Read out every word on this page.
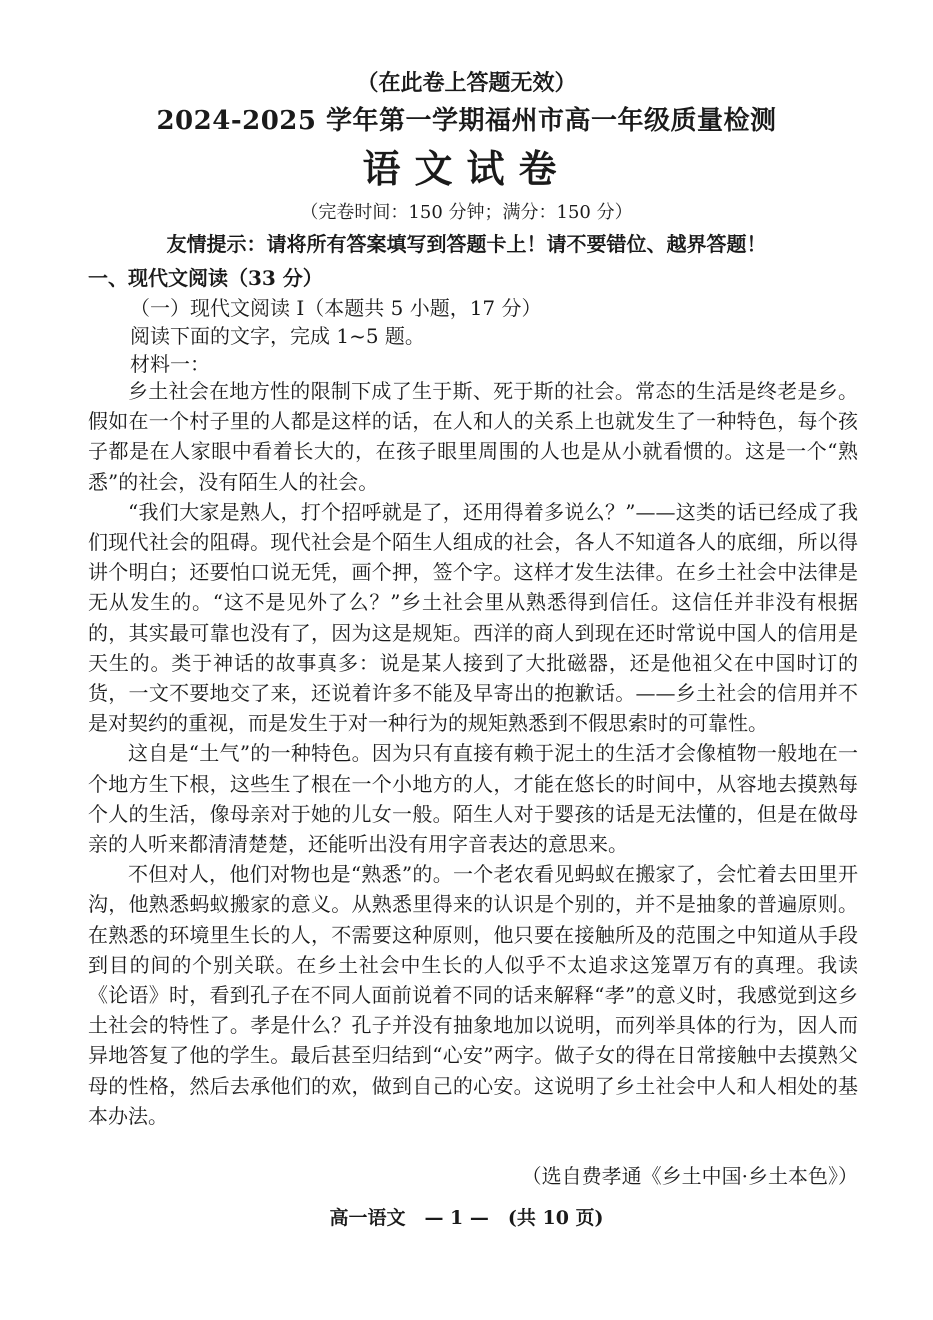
（在此卷上答题无效）
2024-2025 学年第一学期福州市高一年级质量检测
语文试卷
（完卷时间：150 分钟；满分：150 分）
友情提示：请将所有答案填写到答题卡上！请不要错位、越界答题！
一、现代文阅读（33 分）
（一）现代文阅读 I（本题共 5 小题，17 分）
阅读下面的文字，完成 1~5 题。
材料一：

乡土社会在地方性的限制下成了生于斯、死于斯的社会。常态的生活是终老是乡。假如在一个村子里的人都是这样的话，在人和人的关系上也就发生了一种特色，每个孩子都是在人家眼中看着长大的，在孩子眼里周围的人也是从小就看惯的。这是一个“熟悉”的社会，没有陌生人的社会。

“我们大家是熟人，打个招呼就是了，还用得着多说么？”——这类的话已经成了我们现代社会的阻碍。现代社会是个陌生人组成的社会，各人不知道各人的底细，所以得讲个明白；还要怕口说无凭，画个押，签个字。这样才发生法律。在乡土社会中法律是无从发生的。“这不是见外了么？”乡土社会里从熟悉得到信任。这信任并非没有根据的，其实最可靠也没有了，因为这是规矩。西洋的商人到现在还时常说中国人的信用是天生的。类于神话的故事真多：说是某人接到了大批磁器，还是他祖父在中国时订的货，一文不要地交了来，还说着许多不能及早寄出的抱歉话。——乡土社会的信用并不是对契约的重视，而是发生于对一种行为的规矩熟悉到不假思索时的可靠性。

这自是“土气”的一种特色。因为只有直接有赖于泥土的生活才会像植物一般地在一个地方生下根，这些生了根在一个小地方的人，才能在悠长的时间中，从容地去摸熟每个人的生活，像母亲对于她的儿女一般。陌生人对于婴孩的话是无法懂的，但是在做母亲的人听来都清清楚楚，还能听出没有用字音表达的意思来。

不但对人，他们对物也是“熟悉”的。一个老农看见蚂蚁在搬家了，会忙着去田里开沟，他熟悉蚂蚁搬家的意义。从熟悉里得来的认识是个别的，并不是抽象的普遍原则。在熟悉的环境里生长的人，不需要这种原则，他只要在接触所及的范围之中知道从手段到目的间的个别关联。在乡土社会中生长的人似乎不太追求这笼罩万有的真理。我读《论语》时，看到孔子在不同人面前说着不同的话来解释“孝”的意义时，我感觉到这乡土社会的特性了。孝是什么？孔子并没有抽象地加以说明，而列举具体的行为，因人而异地答复了他的学生。最后甚至归结到“心安”两字。做子女的得在日常接触中去摸熟父母的性格，然后去承他们的欢，做到自己的心安。这说明了乡土社会中人和人相处的基本办法。

（选自费孝通《乡土中国·乡土本色》）
高一语文　— 1 —　(共 10 页)
